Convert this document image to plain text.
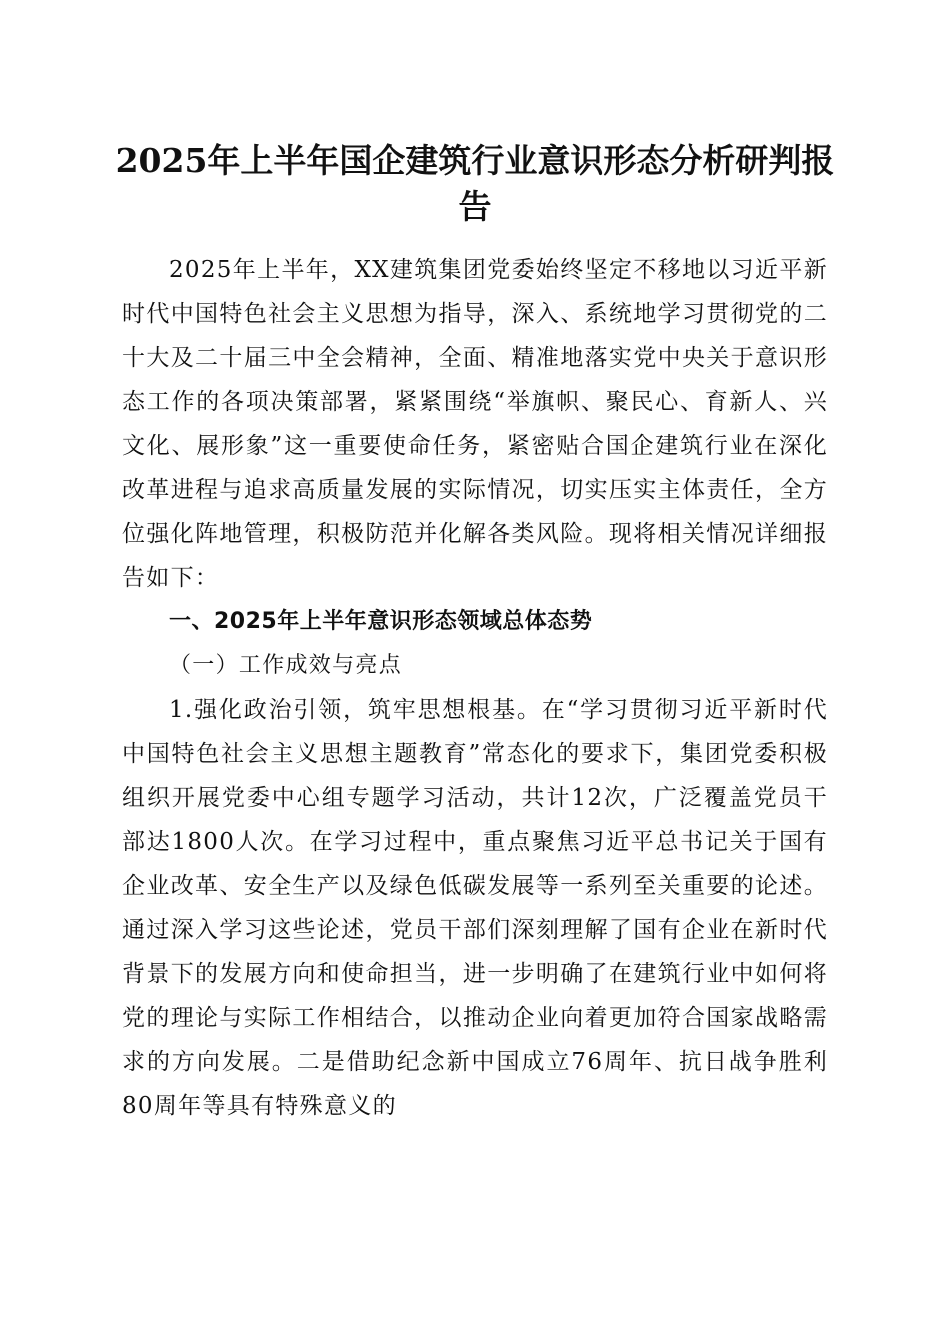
2025年上半年国企建筑行业意识形态分析研判报告

2025年上半年，XX建筑集团党委始终坚定不移地以习近平新时代中国特色社会主义思想为指导，深入、系统地学习贯彻党的二十大及二十届三中全会精神，全面、精准地落实党中央关于意识形态工作的各项决策部署，紧紧围绕“举旗帜、聚民心、育新人、兴文化、展形象”这一重要使命任务，紧密贴合国企建筑行业在深化改革进程与追求高质量发展的实际情况，切实压实主体责任，全方位强化阵地管理，积极防范并化解各类风险。现将相关情况详细报告如下：

一、2025年上半年意识形态领域总体态势

（一）工作成效与亮点

1.强化政治引领，筑牢思想根基。在“学习贯彻习近平新时代中国特色社会主义思想主题教育”常态化的要求下，集团党委积极组织开展党委中心组专题学习活动，共计12次，广泛覆盖党员干部达1800人次。在学习过程中，重点聚焦习近平总书记关于国有企业改革、安全生产以及绿色低碳发展等一系列至关重要的论述。通过深入学习这些论述，党员干部们深刻理解了国有企业在新时代背景下的发展方向和使命担当，进一步明确了在建筑行业中如何将党的理论与实际工作相结合，以推动企业向着更加符合国家战略需求的方向发展。二是借助纪念新中国成立76周年、抗日战争胜利80周年等具有特殊意义的
